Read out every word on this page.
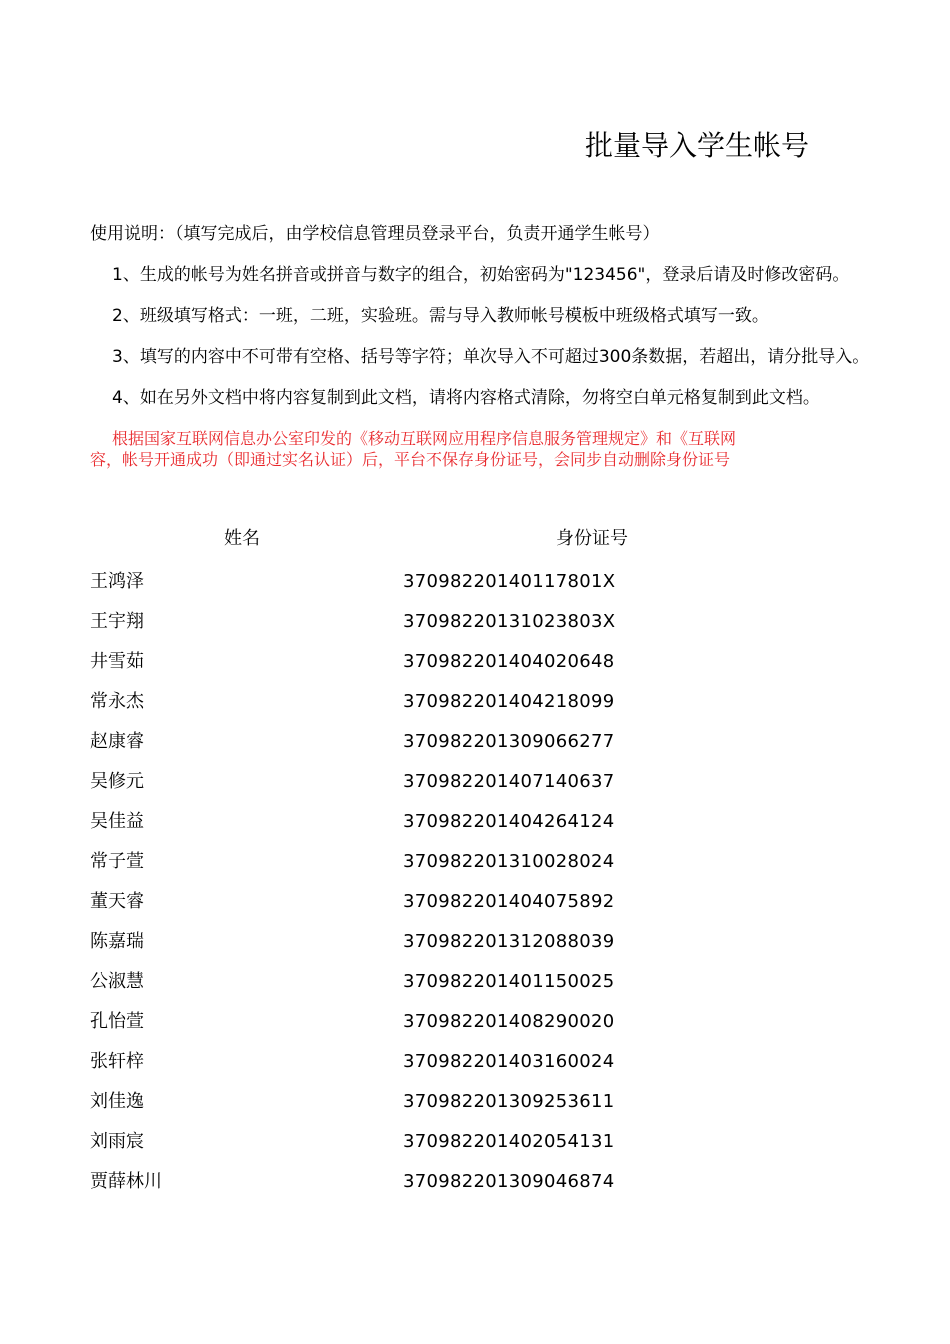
批量导入学生帐号
使用说明：（填写完成后，由学校信息管理员登录平台，负责开通学生帐号）
1、生成的帐号为姓名拼音或拼音与数字的组合，初始密码为"123456"，登录后请及时修改密码。
2、班级填写格式：一班，二班，实验班。需与导入教师帐号模板中班级格式填写一致。
3、填写的内容中不可带有空格、括号等字符；单次导入不可超过300条数据，若超出，请分批导入。
4、如在另外文档中将内容复制到此文档，请将内容格式清除，勿将空白单元格复制到此文档。
根据国家互联网信息办公室印发的《移动互联网应用程序信息服务管理规定》和《互联网
容，帐号开通成功（即通过实名认证）后，平台不保存身份证号，会同步自动删除身份证号
姓名	身份证号
王鸿泽	37098220140117801X
王宇翔	37098220131023803X
井雪茹	370982201404020648
常永杰	370982201404218099
赵康睿	370982201309066277
吴修元	370982201407140637
吴佳益	370982201404264124
常子萱	370982201310028024
董天睿	370982201404075892
陈嘉瑞	370982201312088039
公淑慧	370982201401150025
孔怡萱	370982201408290020
张轩梓	370982201403160024
刘佳逸	370982201309253611
刘雨宸	370982201402054131
贾薛林川	370982201309046874
